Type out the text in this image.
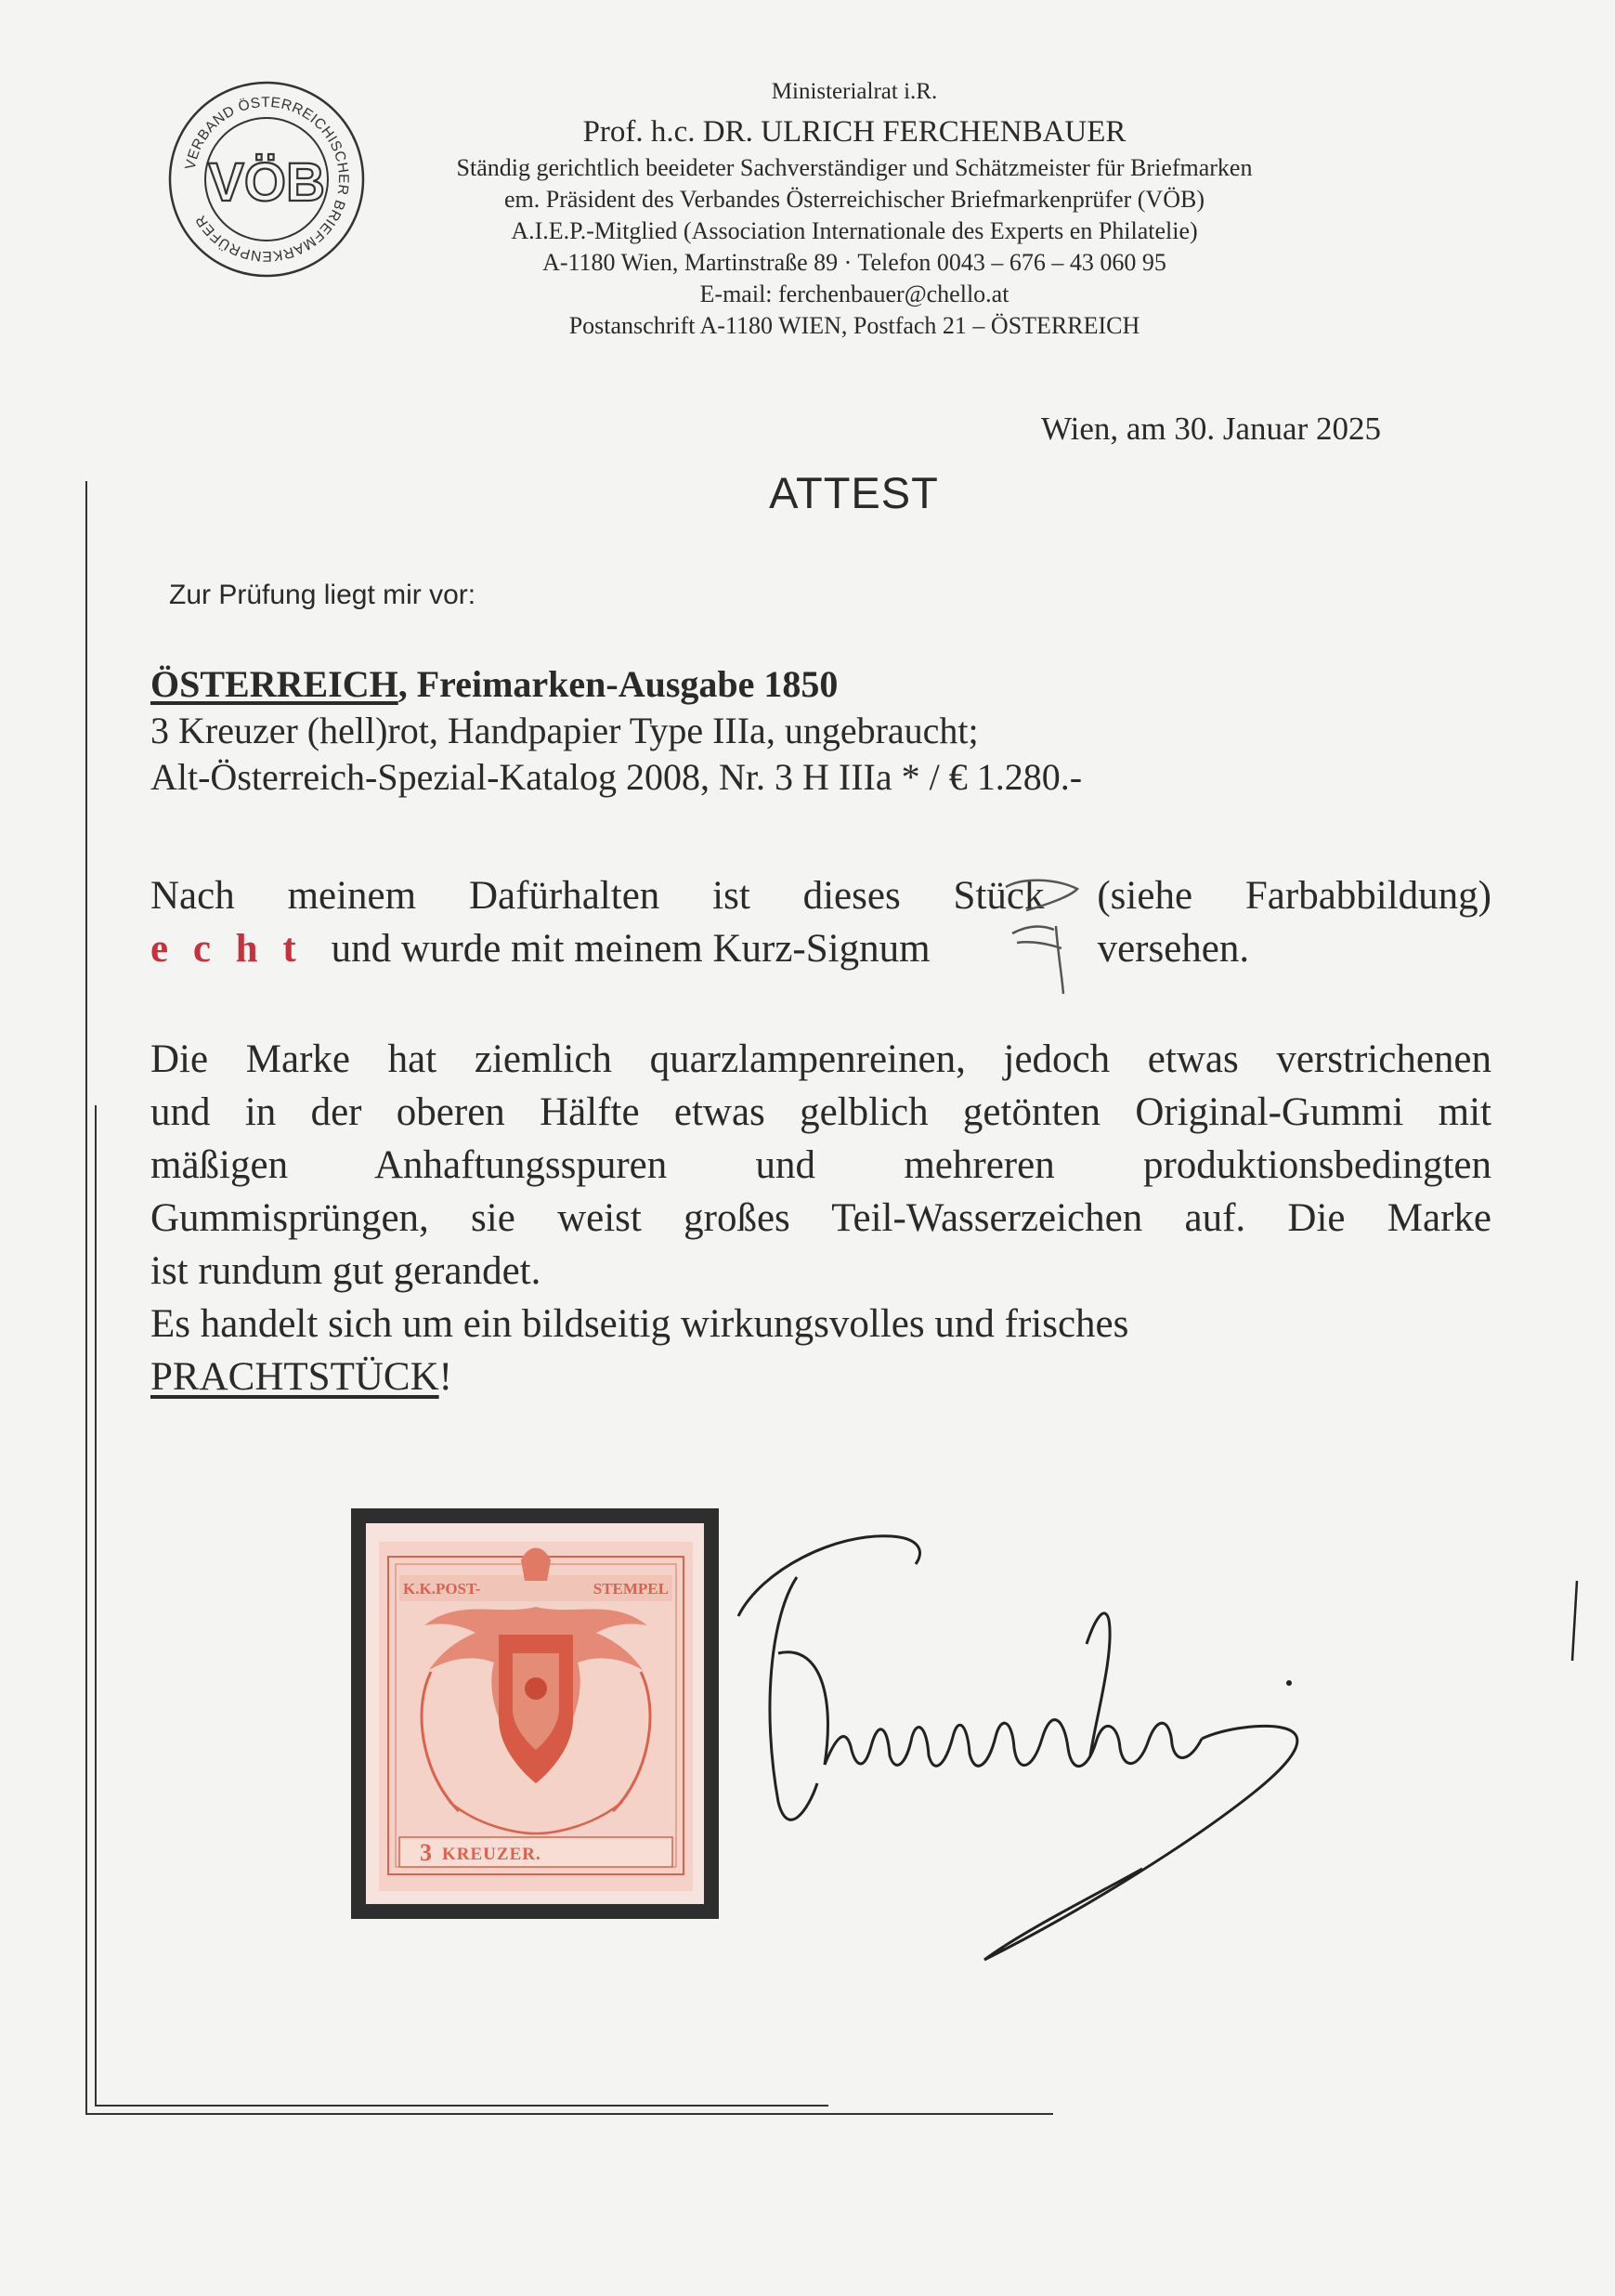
VERBAND ÖSTERREICHISCHER BRIEFMARKENPRÜFER
VÖB
Ministerialrat i.R.
Prof. h.c. DR. ULRICH FERCHENBAUER
Ständig gerichtlich beeideter Sachverständiger und Schätzmeister für Briefmarken
em. Präsident des Verbandes Österreichischer Briefmarkenprüfer (VÖB)
A.I.E.P.-Mitglied (Association Internationale des Experts en Philatelie)
A-1180 Wien, Martinstraße 89 · Telefon 0043 – 676 – 43 060 95
E-mail: ferchenbauer@chello.at
Postanschrift A-1180 WIEN, Postfach 21 – ÖSTERREICH
Wien, am 30. Januar 2025
ATTEST
Zur Prüfung liegt mir vor:
ÖSTERREICH, Freimarken-Ausgabe 1850
3 Kreuzer (hell)rot, Handpapier Type IIIa, ungebraucht;
Alt-Österreich-Spezial-Katalog 2008, Nr. 3 H IIIa * / € 1.280.-
Nach meinem Dafürhalten ist dieses Stück (siehe Farbabbildung)
e c h t und wurde mit meinem Kurz-Signum	versehen.
Die Marke hat ziemlich quarzlampenreinen, jedoch etwas verstrichenen
und in der oberen Hälfte etwas gelblich getönten Original-Gummi mit
mäßigen Anhaftungsspuren und mehreren produktionsbedingten
Gummisprüngen, sie weist großes Teil-Wasserzeichen auf. Die Marke
ist rundum gut gerandet.
Es handelt sich um ein bildseitig wirkungsvolles und frisches
PRACHTSTÜCK!
K.K.POST-	STEMPEL
3 KREUZER.
